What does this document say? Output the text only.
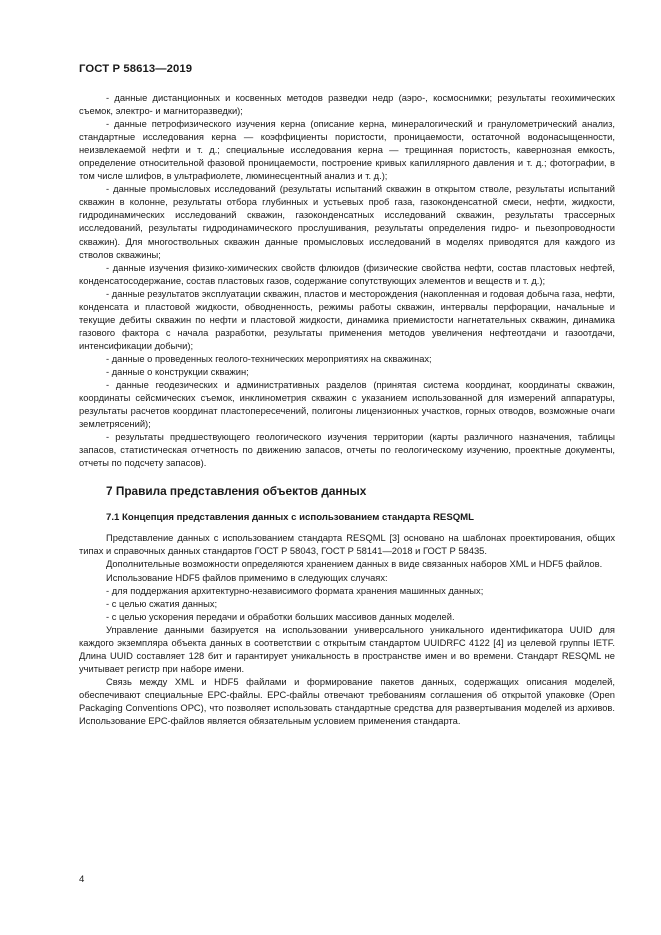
ГОСТ Р 58613—2019

- данные дистанционных и косвенных методов разведки недр (аэро-, космоснимки; результаты геохимических съемок, электро- и магниторазведки);

- данные петрофизического изучения керна (описание керна, минералогический и гранулометрический анализ, стандартные исследования керна — коэффициенты пористости, проницаемости, остаточной водонасыщенности, неизвлекаемой нефти и т. д.; специальные исследования керна — трещинная пористость, кавернозная емкость, определение относительной фазовой проницаемости, построение кривых капиллярного давления и т. д.; фотографии, в том числе шлифов, в ультрафиолете, люминесцентный анализ и т. д.);

- данные промысловых исследований (результаты испытаний скважин в открытом стволе, результаты испытаний скважин в колонне, результаты отбора глубинных и устьевых проб газа, газоконденсатной смеси, нефти, жидкости, гидродинамических исследований скважин, газоконденсатных исследований скважин, результаты трассерных исследований, результаты гидродинамического прослушивания, результаты определения гидро- и пьезопроводности скважин). Для многоствольных скважин данные промысловых исследований в моделях приводятся для каждого из стволов скважины;

- данные изучения физико-химических свойств флюидов (физические свойства нефти, состав пластовых нефтей, конденсатосодержание, состав пластовых газов, содержание сопутствующих элементов и веществ и т. д.);

- данные результатов эксплуатации скважин, пластов и месторождения (накопленная и годовая добыча газа, нефти, конденсата и пластовой жидкости, обводненность, режимы работы скважин, интервалы перфорации, начальные и текущие дебиты скважин по нефти и пластовой жидкости, динамика приемистости нагнетательных скважин, динамика газового фактора с начала разработки, результаты применения методов увеличения нефтеотдачи и газоотдачи, интенсификации добычи);

- данные о проведенных геолого-технических мероприятиях на скважинах;

- данные о конструкции скважин;

- данные геодезических и административных разделов (принятая система координат, координаты скважин, координаты сейсмических съемок, инклинометрия скважин с указанием использованной для измерений аппаратуры, результаты расчетов координат пластопересечений, полигоны лицензионных участков, горных отводов, возможные очаги землетрясений);

- результаты предшествующего геологического изучения территории (карты различного назначения, таблицы запасов, статистическая отчетность по движению запасов, отчеты по геологическому изучению, проектные документы, отчеты по подсчету запасов).

7 Правила представления объектов данных
7.1 Концепция представления данных с использованием стандарта RESQML

Представление данных с использованием стандарта RESQML [3] основано на шаблонах проектирования, общих типах и справочных данных стандартов ГОСТ Р 58043, ГОСТ Р 58141—2018 и ГОСТ Р 58435.

Дополнительные возможности определяются хранением данных в виде связанных наборов XML и HDF5 файлов.

Использование HDF5 файлов применимо в следующих случаях:

- для поддержания архитектурно-независимого формата хранения машинных данных;

- с целью сжатия данных;

- с целью ускорения передачи и обработки больших массивов данных моделей.

Управление данными базируется на использовании универсального уникального идентификатора UUID для каждого экземпляра объекта данных в соответствии с открытым стандартом UUIDRFC 4122 [4] из целевой группы IETF. Длина UUID составляет 128 бит и гарантирует уникальность в пространстве имен и во времени. Стандарт RESQML не учитывает регистр при наборе имени.

Связь между XML и HDF5 файлами и формирование пакетов данных, содержащих описания моделей, обеспечивают специальные EPC-файлы. EPC-файлы отвечают требованиям соглашения об открытой упаковке (Open Packaging Conventions OPC), что позволяет использовать стандартные средства для развертывания моделей из архивов. Использование EPC-файлов является обязательным условием применения стандарта.

4
